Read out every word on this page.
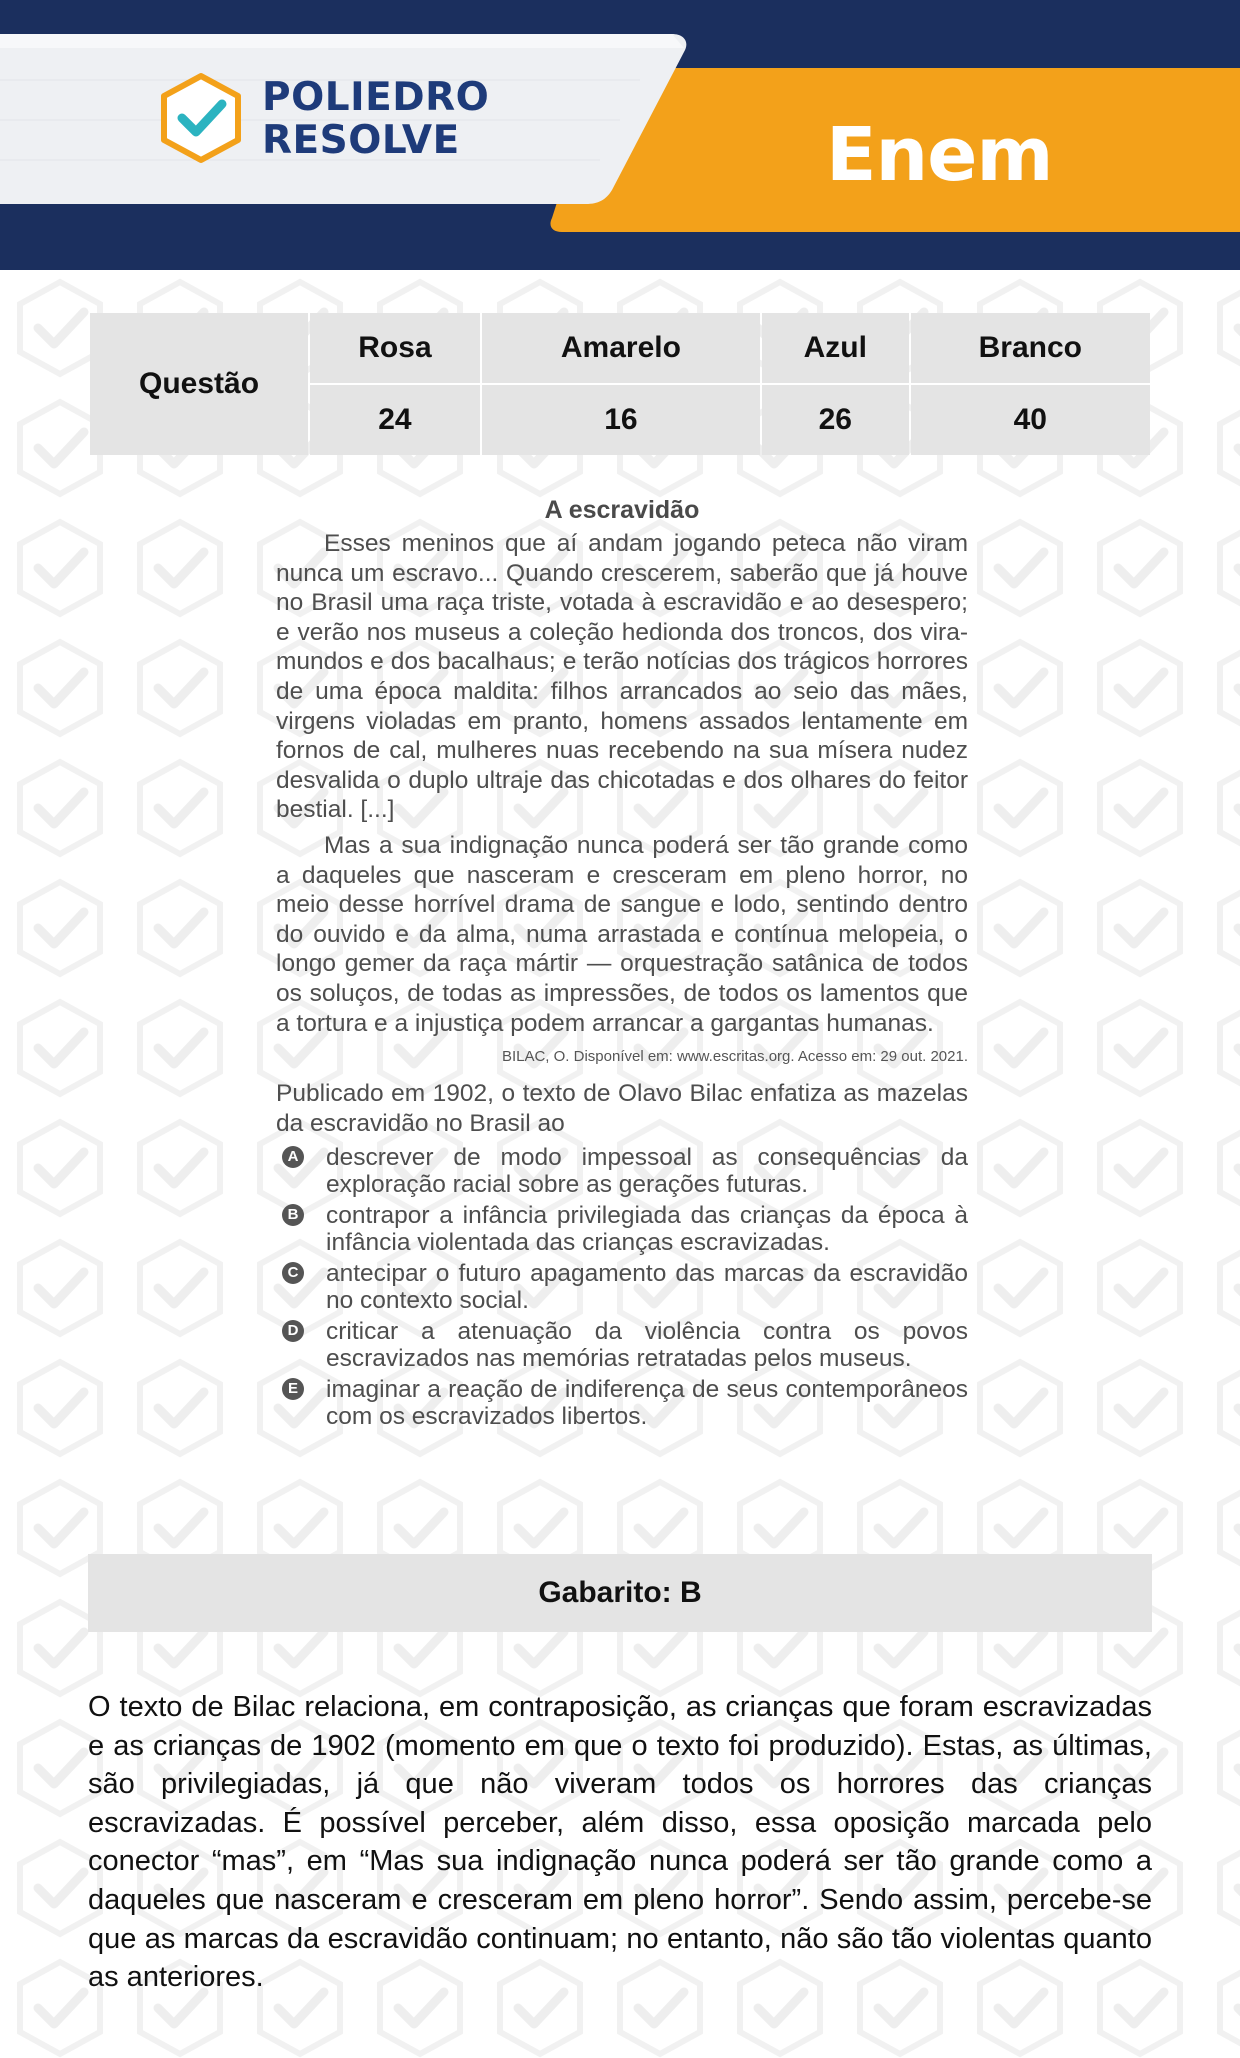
POLIEDRO
RESOLVE	Enem
Questão	Rosa	Amarelo	Azul	Branco
	24	16	26	40
A escravidão

Esses meninos que aí andam jogando peteca não viram nunca um escravo... Quando crescerem, saberão que já houve no Brasil uma raça triste, votada à escravidão e ao desespero; e verão nos museus a coleção hedionda dos troncos, dos vira-mundos e dos bacalhaus; e terão notícias dos trágicos horrores de uma época maldita: filhos arrancados ao seio das mães, virgens violadas em pranto, homens assados lentamente em fornos de cal, mulheres nuas recebendo na sua mísera nudez desvalida o duplo ultraje das chicotadas e dos olhares do feitor bestial. [...]

Mas a sua indignação nunca poderá ser tão grande como a daqueles que nasceram e cresceram em pleno horror, no meio desse horrível drama de sangue e lodo, sentindo dentro do ouvido e da alma, numa arrastada e contínua melopeia, o longo gemer da raça mártir — orquestração satânica de todos os soluços, de todas as impressões, de todos os lamentos que a tortura e a injustiça podem arrancar a gargantas humanas.

BILAC, O. Disponível em: www.escritas.org. Acesso em: 29 out. 2021.

Publicado em 1902, o texto de Olavo Bilac enfatiza as mazelas da escravidão no Brasil ao

A descrever de modo impessoal as consequências da exploração racial sobre as gerações futuras.
B contrapor a infância privilegiada das crianças da época à infância violentada das crianças escravizadas.
C antecipar o futuro apagamento das marcas da escravidão no contexto social.
D criticar a atenuação da violência contra os povos escravizados nas memórias retratadas pelos museus.
E imaginar a reação de indiferença de seus contemporâneos com os escravizados libertos.
Gabarito: B

O texto de Bilac relaciona, em contraposição, as crianças que foram escravizadas e as crianças de 1902 (momento em que o texto foi produzido). Estas, as últimas, são privilegiadas, já que não viveram todos os horrores das crianças escravizadas. É possível perceber, além disso, essa oposição marcada pelo conector “mas”, em “Mas sua indignação nunca poderá ser tão grande como a daqueles que nasceram e cresceram em pleno horror”. Sendo assim, percebe-se que as marcas da escravidão continuam; no entanto, não são tão violentas quanto as anteriores.
